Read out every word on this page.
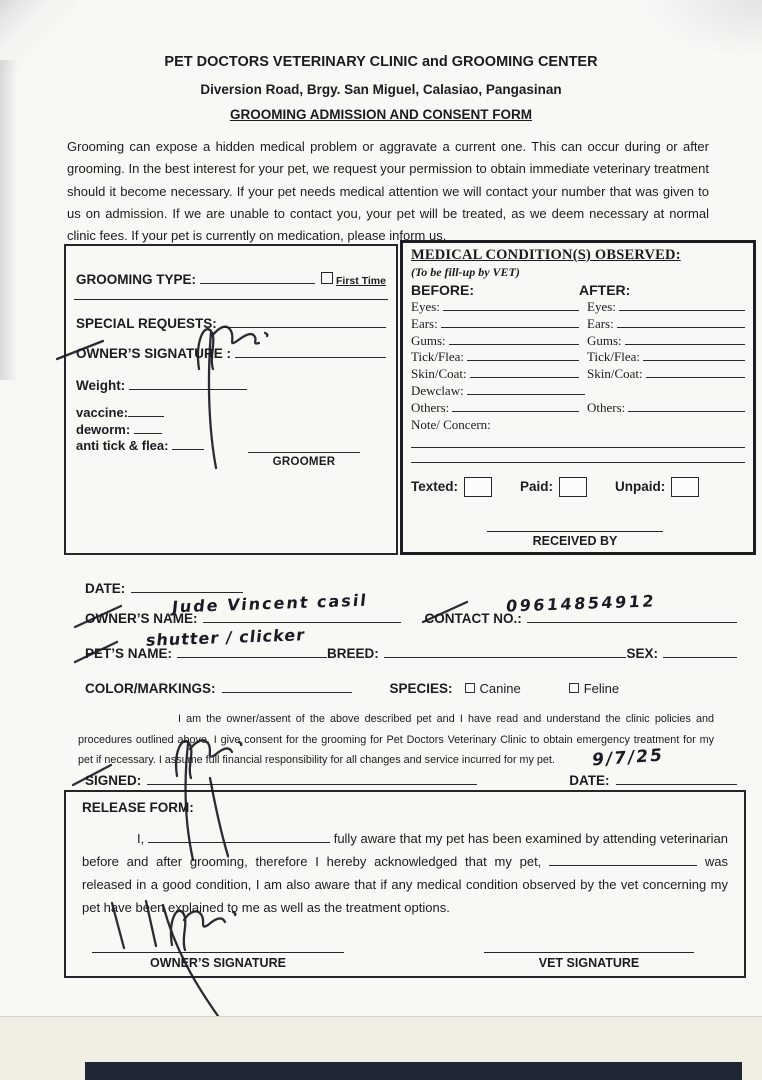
PET DOCTORS VETERINARY CLINIC and GROOMING CENTER
Diversion Road, Brgy. San Miguel, Calasiao, Pangasinan
GROOMING ADMISSION AND CONSENT FORM

Grooming can expose a hidden medical problem or aggravate a current one. This can occur during or after grooming. In the best interest for your pet, we request your permission to obtain immediate veterinary treatment should it become necessary. If your pet needs medical attention we will contact your number that was given to us on admission. If we are unable to contact you, your pet will be treated, as we deem necessary at normal clinic fees. If your pet is currently on medication, please inform us.

GROOMING TYPE:	First Time
SPECIAL REQUESTS:
OWNER’S SIGNATURE :
Weight:
vaccine:
deworm:
anti tick & flea:
GROOMER
MEDICAL CONDITION(S) OBSERVED:
(To be fill-up by VET)
BEFORE:	AFTER:
Eyes:	Eyes:
Ears:	Ears:
Gums:	Gums:
Tick/Flea:	Tick/Flea:
Skin/Coat:	Skin/Coat:
Dewclaw:
Others:	Others:
Note/ Concern:
Texted:	Paid:	Unpaid:
RECEIVED BY
DATE:
OWNER’S NAME:	CONTACT NO.:
PET’S NAME:	BREED:	SEX:
COLOR/MARKINGS:	SPECIES:	Canine	Feline

I am the owner/assent of the above described pet and I have read and understand the clinic policies and procedures outlined above. I give consent for the grooming for Pet Doctors Veterinary Clinic to obtain emergency treatment for my pet if necessary. I assume full financial responsibility for all changes and service incurred for my pet.

SIGNED:	DATE:
RELEASE FORM:

I,	fully aware that my pet has been examined by attending veterinarian before and after grooming, therefore I hereby acknowledged that my pet,	was released in a good condition, I am also aware that if any medical condition observed by the vet concerning my pet have been explained to me as well as the treatment options.

OWNER’S SIGNATURE	VET SIGNATURE
Jude Vincent casil	09614854912
shutter / clicker
9/7/25
